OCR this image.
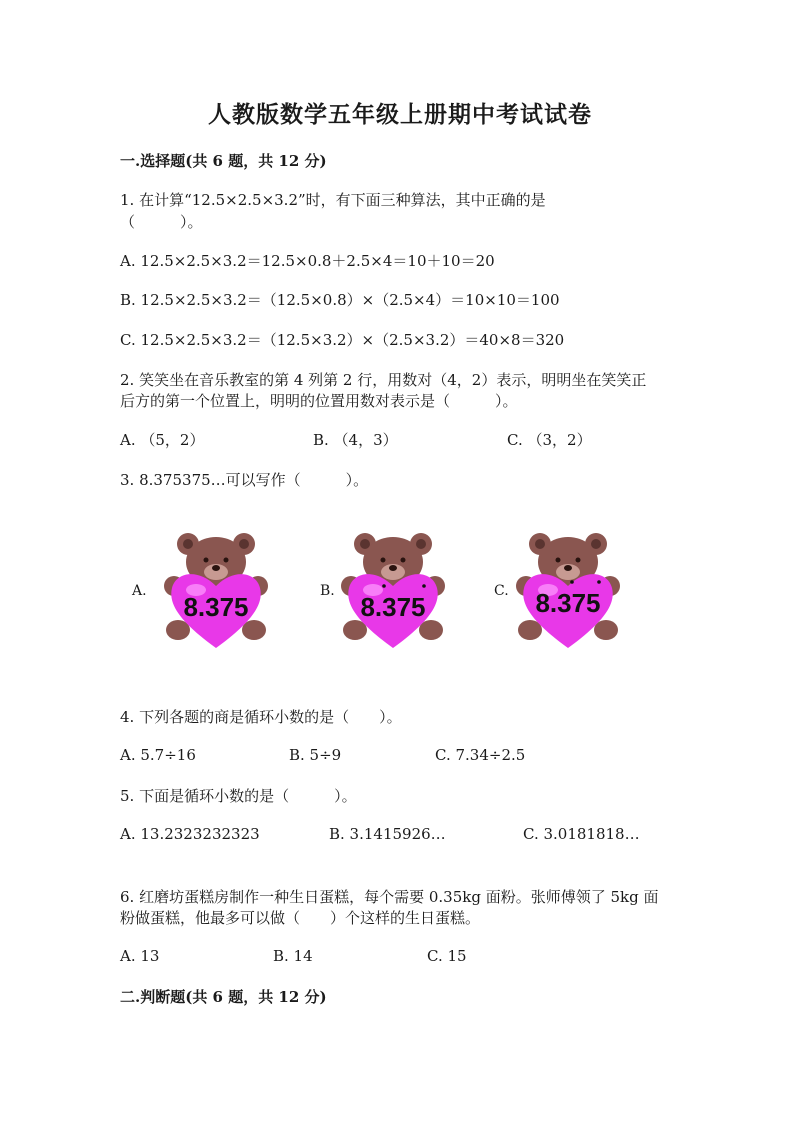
人教版数学五年级上册期中考试试卷
一.选择题(共 6 题，共 12 分)
1. 在计算“12.5×2.5×3.2”时，有下面三种算法，其中正确的是
（　　　）。
A. 12.5×2.5×3.2＝12.5×0.8＋2.5×4＝10＋10＝20
B. 12.5×2.5×3.2＝（12.5×0.8）×（2.5×4）＝10×10＝100
C. 12.5×2.5×3.2＝（12.5×3.2）×（2.5×3.2）＝40×8＝320
2. 笑笑坐在音乐教室的第 4 列第 2 行，用数对（4，2）表示，明明坐在笑笑正
后方的第一个位置上，明明的位置用数对表示是（　　　）。
A. （5，2）	B. （4，3）	C. （3，2）
3. 8.375375…可以写作（　　　）。
A.	B.	C.
8.375	8.375	8.375
4. 下列各题的商是循环小数的是（　　）。
A. 5.7÷16	B. 5÷9	C. 7.34÷2.5
5. 下面是循环小数的是（　　　）。
A. 13.2323232323	B. 3.1415926…	C. 3.0181818…
6. 红磨坊蛋糕房制作一种生日蛋糕，每个需要 0.35kg 面粉。张师傅领了 5kg 面
粉做蛋糕，他最多可以做（　　）个这样的生日蛋糕。
A. 13	B. 14	C. 15
二.判断题(共 6 题，共 12 分)
